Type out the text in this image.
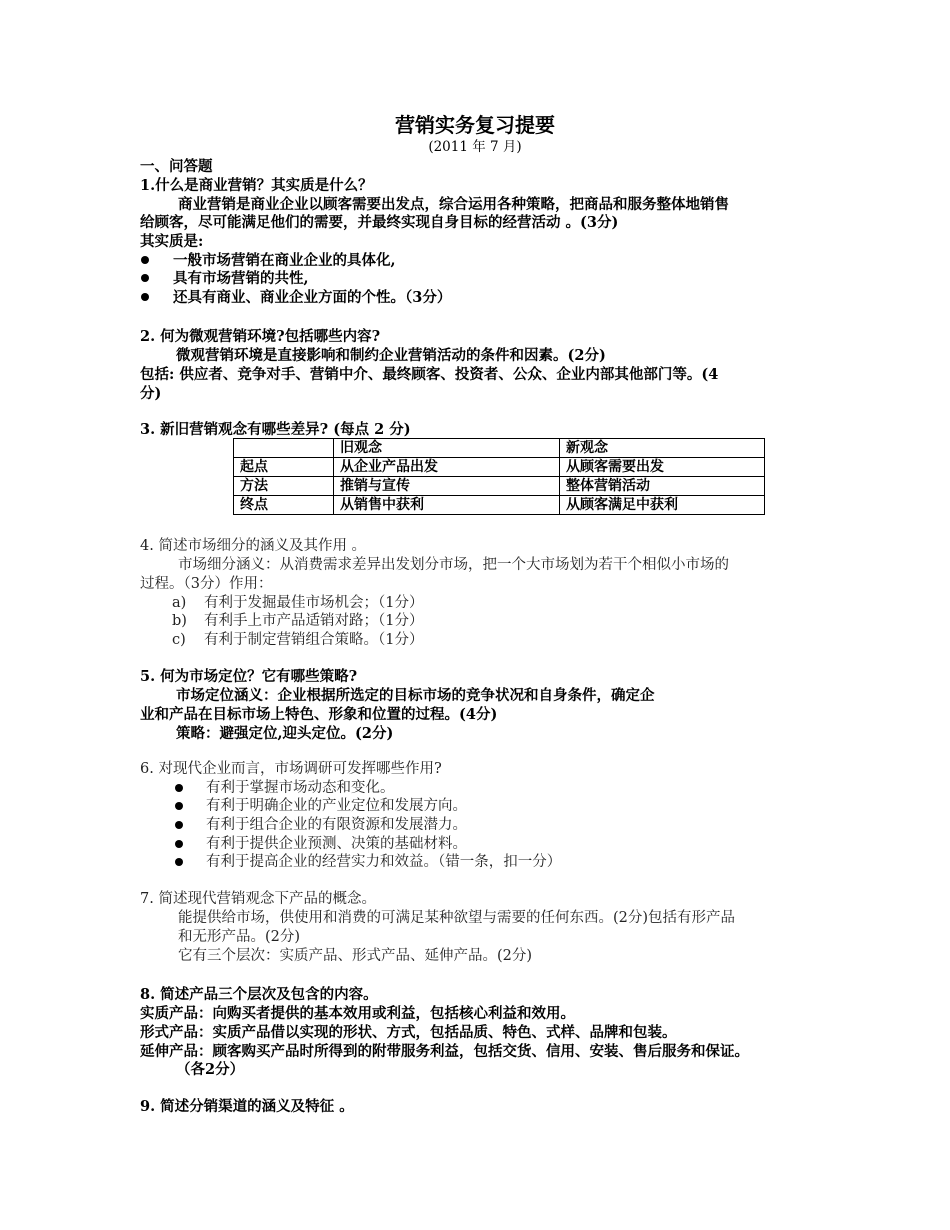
营销实务复习提要
(2011 年 7 月)
一、问答题
1.什么是商业营销？其实质是什么？
商业营销是商业企业以顾客需要出发点，综合运用各种策略，把商品和服务整体地销售
给顾客，尽可能满足他们的需要，并最终实现自身目标的经营活动 。(3分)
其实质是:
一般市场营销在商业企业的具体化,
具有市场营销的共性,
还具有商业、商业企业方面的个性。（3分）
2. 何为微观营销环境?包括哪些内容?
微观营销环境是直接影响和制约企业营销活动的条件和因素。(2分)
包括: 供应者、竞争对手、营销中介、最终顾客、投资者、公众、企业内部其他部门等。(4
分)
3. 新旧营销观念有哪些差异? (每点 2 分)
	旧观念	新观念
起点	从企业产品出发	从顾客需要出发
方法	推销与宣传	整体营销活动
终点	从销售中获利	从顾客满足中获利
4. 简述市场细分的涵义及其作用 。
市场细分涵义：从消费需求差异出发划分市场，把一个大市场划为若干个相似小市场的
过程。（3分）作用：
a) 有利于发掘最佳市场机会；（1分）
b) 有利手上市产品适销对路；（1分）
c) 有利于制定营销组合策略。（1分）
5. 何为市场定位？它有哪些策略?
市场定位涵义：企业根据所选定的目标市场的竞争状况和自身条件，确定企
业和产品在目标市场上特色、形象和位置的过程。(4分)
策略：避强定位,迎头定位。(2分)
6. 对现代企业而言，市场调研可发挥哪些作用?
有利于掌握市场动态和变化。
有利于明确企业的产业定位和发展方向。
有利于组合企业的有限资源和发展潜力。
有利于提供企业预测、决策的基础材料。
有利于提高企业的经营实力和效益。（错一条，扣一分）
7. 简述现代营销观念下产品的概念。
能提供给市场，供使用和消费的可满足某种欲望与需要的任何东西。(2分)包括有形产品
和无形产品。(2分)
它有三个层次：实质产品、形式产品、延伸产品。(2分)
8. 简述产品三个层次及包含的内容。
实质产品：向购买者提供的基本效用或利益，包括核心利益和效用。
形式产品：实质产品借以实现的形状、方式，包括品质、特色、式样、品牌和包装。
延伸产品：顾客购买产品时所得到的附带服务利益，包括交货、信用、安装、售后服务和保证。
（各2分）
9. 简述分销渠道的涵义及特征 。
